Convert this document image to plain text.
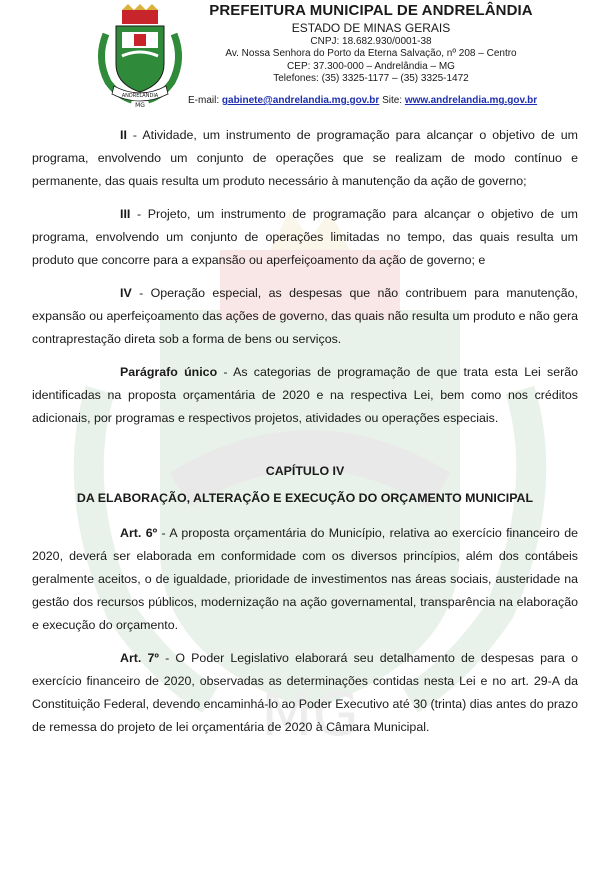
MG
ANDRELÂNDIA
MG
PREFEITURA MUNICIPAL DE ANDRELÂNDIA
ESTADO DE MINAS GERAIS
CNPJ: 18.682.930/0001-38
Av. Nossa Senhora do Porto da Eterna Salvação, nº 208 – Centro
CEP: 37.300-000 – Andrelândia – MG
Telefones: (35) 3325-1177 – (35) 3325-1472
E-mail: gabinete@andrelandia.mg.gov.br Site: www.andrelandia.mg.gov.br

II - Atividade, um instrumento de programação para alcançar o objetivo de um programa, envolvendo um conjunto de operações que se realizam de modo contínuo e permanente, das quais resulta um produto necessário à manutenção da ação de governo;

III - Projeto, um instrumento de programação para alcançar o objetivo de um programa, envolvendo um conjunto de operações limitadas no tempo, das quais resulta um produto que concorre para a expansão ou aperfeiçoamento da ação de governo; e

IV - Operação especial, as despesas que não contribuem para manutenção, expansão ou aperfeiçoamento das ações de governo, das quais não resulta um produto e não gera contraprestação direta sob a forma de bens ou serviços.

Parágrafo único - As categorias de programação de que trata esta Lei serão identificadas na proposta orçamentária de 2020 e na respectiva Lei, bem como nos créditos adicionais, por programas e respectivos projetos, atividades ou operações especiais.

CAPÍTULO IV
DA ELABORAÇÃO, ALTERAÇÃO E EXECUÇÃO DO ORÇAMENTO MUNICIPAL

Art. 6º - A proposta orçamentária do Município, relativa ao exercício financeiro de 2020, deverá ser elaborada em conformidade com os diversos princípios, além dos contábeis geralmente aceitos, o de igualdade, prioridade de investimentos nas áreas sociais, austeridade na gestão dos recursos públicos, modernização na ação governamental, transparência na elaboração e execução do orçamento.

Art. 7º - O Poder Legislativo elaborará seu detalhamento de despesas para o exercício financeiro de 2020, observadas as determinações contidas nesta Lei e no art. 29-A da Constituição Federal, devendo encaminhá-lo ao Poder Executivo até 30 (trinta) dias antes do prazo de remessa do projeto de lei orçamentária de 2020 à Câmara Municipal.
